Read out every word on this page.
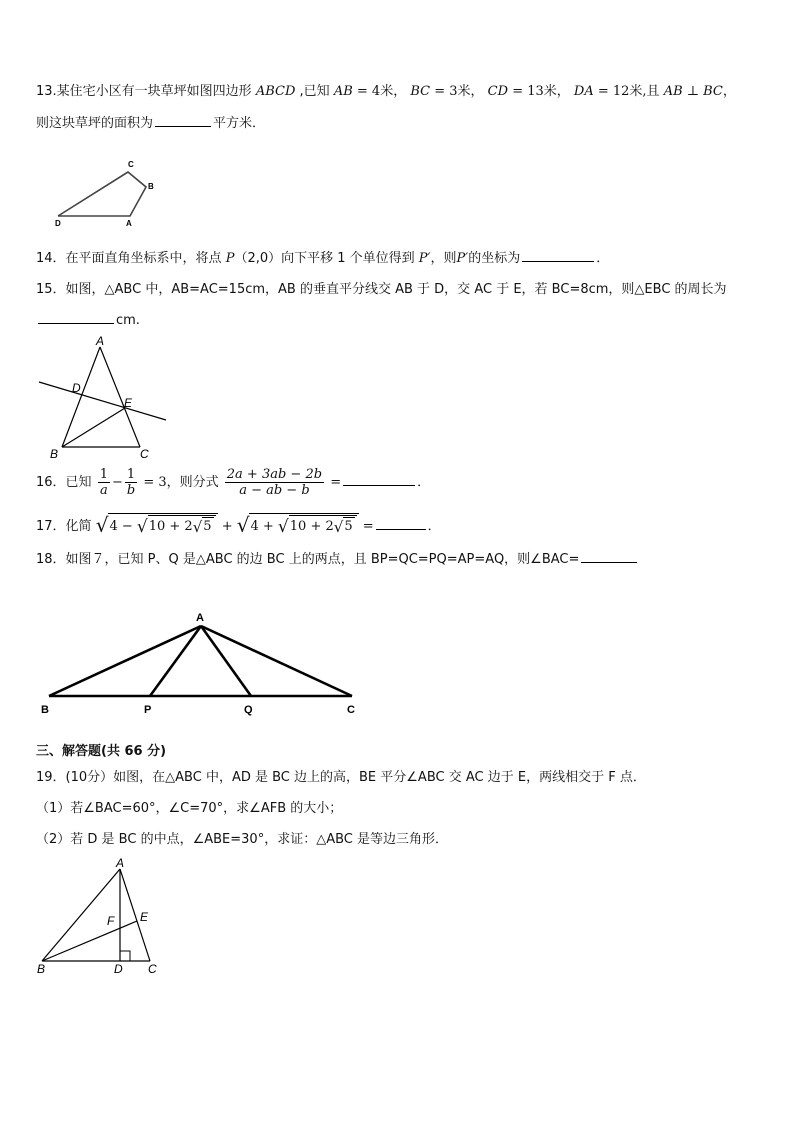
13.某住宅小区有一块草坪如图四边形 ABCD ,已知 AB = 4米， BC = 3米， CD = 13米， DA = 12米,且 AB ⊥ BC，
则这块草坪的面积为	平方米．
C
B
D	A
14．在平面直角坐标系中，将点 P（2,0）向下平移 1 个单位得到 P′，则P′的坐标为	．
15．如图，△ABC 中，AB=AC=15cm，AB 的垂直平分线交 AB 于 D，交 AC 于 E，若 BC=8cm，则△EBC 的周长为
cm.
A
D
E
B	C
16．已知 $\frac{1}{a} - \frac{1}{b} = 3$，则分式 $\frac{2a + 3ab - 2b}{a - ab - b}$ =	．
17．化简 √4 − √10 + 2√5 + √4 + √10 + 2√5 =	．
18．如图７，已知 P、Q 是△ABC 的边 BC 上的两点，且 BP=QC=PQ=AP=AQ，则∠BAC=
A
B	P	Q	C
三、解答题(共 66 分)
19．(10分）如图，在△ABC 中，AD 是 BC 边上的高，BE 平分∠ABC 交 AC 边于 E，两线相交于 F 点．
（1）若∠BAC=60°，∠C=70°，求∠AFB 的大小；
（2）若 D 是 BC 的中点，∠ABE=30°，求证：△ABC 是等边三角形．
A
E
F
B	D C
